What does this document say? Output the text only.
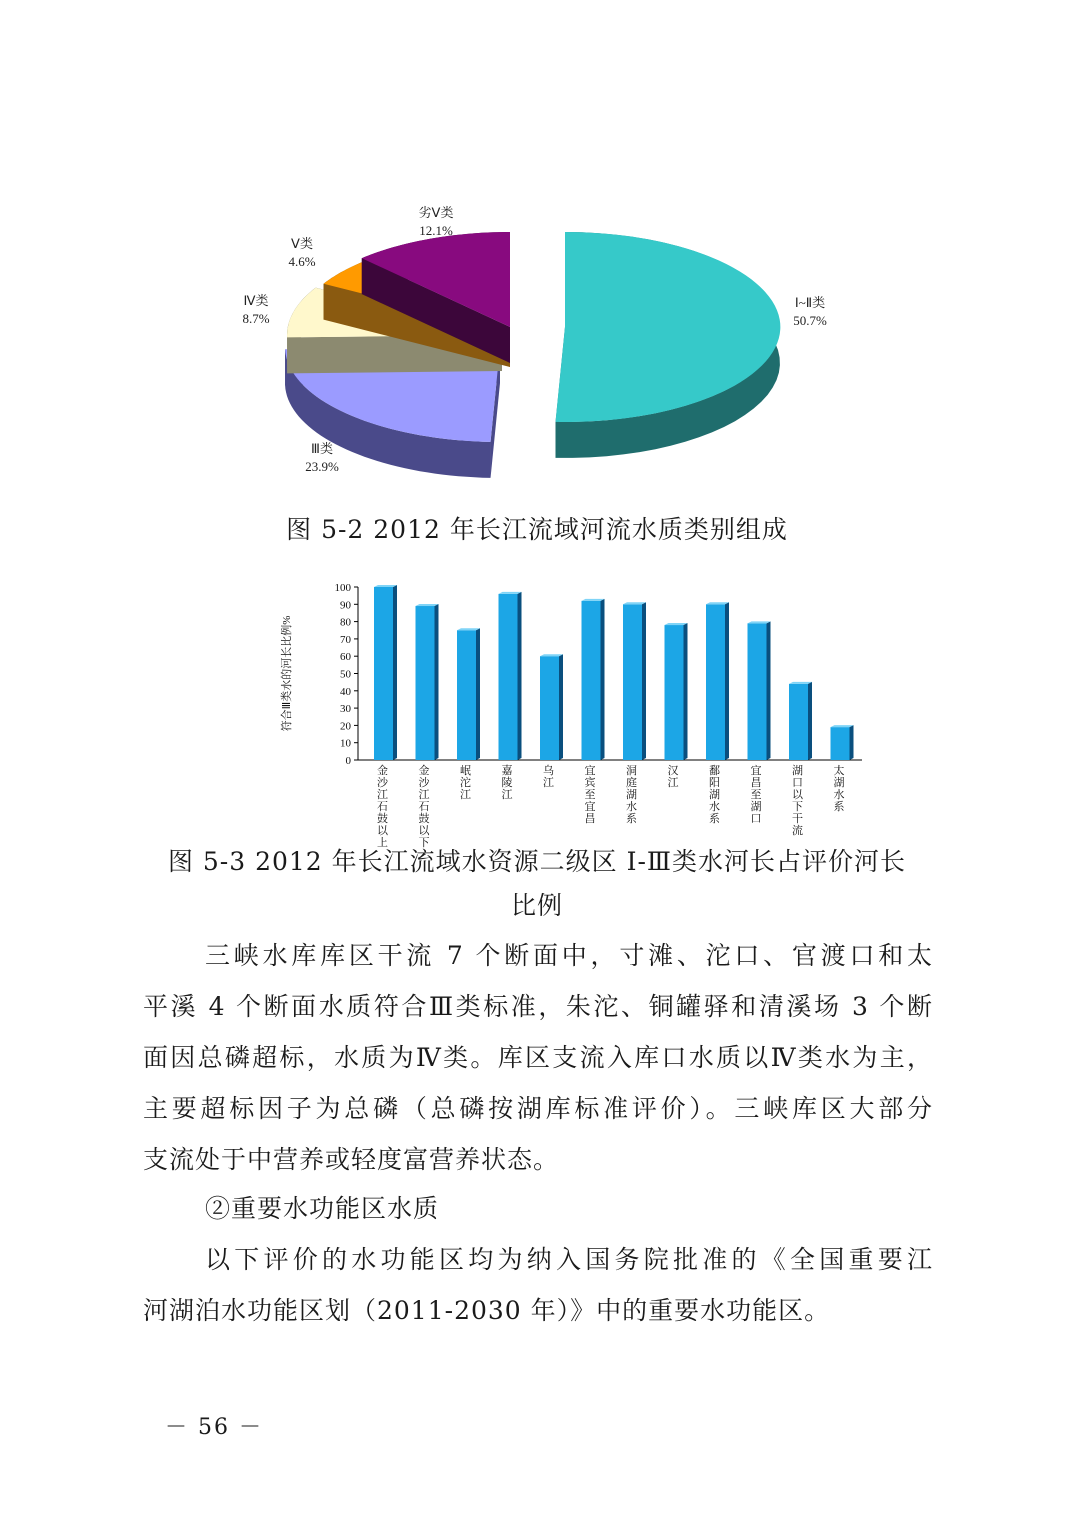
Ⅰ~Ⅱ类
50.7%
Ⅲ类
23.9%
Ⅳ类
8.7%
Ⅴ类
4.6%
劣Ⅴ类
12.1%
图 5-2 2012 年长江流域河流水质类别组成
0
10
20
30
40
50
60
70
80
90
100
符合Ⅲ类水的河长比例%
金沙江石鼓以上
金沙江石鼓以下
岷沱江
嘉陵江
乌江
宜宾至宜昌
洞庭湖水系
汉江
鄱阳湖水系
宜昌至湖口
湖口以下干流
太湖水系
图 5-3 2012 年长江流域水资源二级区 Ⅰ-Ⅲ类水河长占评价河长
比例
三峡水库库区干流 7 个断面中，寸滩、沱口、官渡口和太
平溪 4 个断面水质符合Ⅲ类标准，朱沱、铜罐驿和清溪场 3 个断
面因总磷超标，水质为Ⅳ类。库区支流入库口水质以Ⅳ类水为主，
主要超标因子为总磷（总磷按湖库标准评价）。三峡库区大部分
支流处于中营养或轻度富营养状态。
②重要水功能区水质
以下评价的水功能区均为纳入国务院批准的《全国重要江
河湖泊水功能区划（2011-2030 年）》中的重要水功能区。
－ 56 －
